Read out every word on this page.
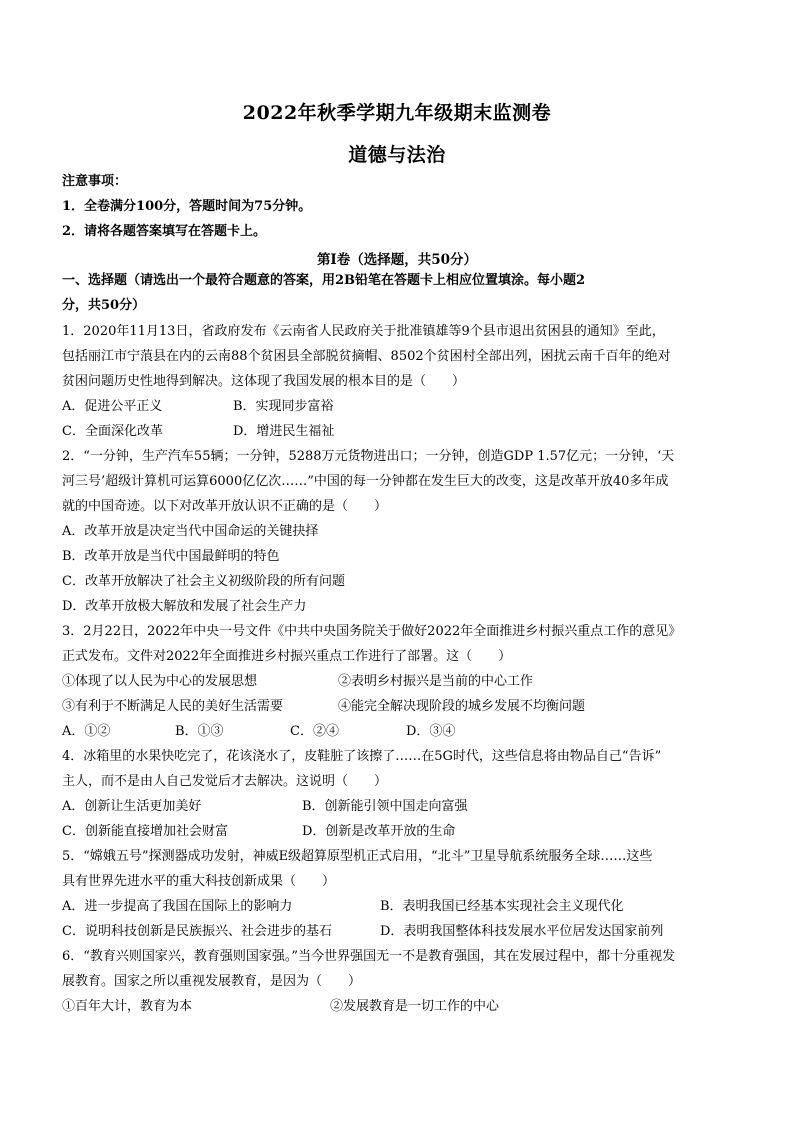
2022年秋季学期九年级期末监测卷
道德与法治
注意事项：
1．全卷满分100分，答题时间为75分钟。
2．请将各题答案填写在答题卡上。
第Ⅰ卷（选择题，共50分）
一、选择题（请选出一个最符合题意的答案，用2B铅笔在答题卡上相应位置填涂。每小题2
分，共50分）
1．2020年11月13日，省政府发布《云南省人民政府关于批准镇雄等9个县市退出贫困县的通知》至此，
包括丽江市宁蒗县在内的云南88个贫困县全部脱贫摘帽、8502个贫困村全部出列，困扰云南千百年的绝对
贫困问题历史性地得到解决。这体现了我国发展的根本目的是（　　）
A．促进公平正义	B．实现同步富裕
C．全面深化改革	D．增进民生福祉
2．“一分钟，生产汽车55辆；一分钟，5288万元货物进出口；一分钟，创造GDP 1.57亿元；一分钟，‘天
河三号’超级计算机可运算6000亿亿次……”中国的每一分钟都在发生巨大的改变，这是改革开放40多年成
就的中国奇迹。以下对改革开放认识不正确的是（　　）
A．改革开放是决定当代中国命运的关键抉择
B．改革开放是当代中国最鲜明的特色
C．改革开放解决了社会主义初级阶段的所有问题
D．改革开放极大解放和发展了社会生产力
3．2月22日，2022年中央一号文件《中共中央国务院关于做好2022年全面推进乡村振兴重点工作的意见》
正式发布。文件对2022年全面推进乡村振兴重点工作进行了部署。这（　　）
①体现了以人民为中心的发展思想	②表明乡村振兴是当前的中心工作
③有利于不断满足人民的美好生活需要	④能完全解决现阶段的城乡发展不均衡问题
A．①②	B．①③	C．②④	D．③④
4．冰箱里的水果快吃完了，花该浇水了，皮鞋脏了该擦了……在5G时代，这些信息将由物品自己“告诉”
主人，而不是由人自己发觉后才去解决。这说明（　　）
A．创新让生活更加美好	B．创新能引领中国走向富强
C．创新能直接增加社会财富	D．创新是改革开放的生命
5．“嫦娥五号”探测器成功发射，神威E级超算原型机正式启用，“北斗”卫星导航系统服务全球……这些
具有世界先进水平的重大科技创新成果（　　）
A．进一步提高了我国在国际上的影响力	B．表明我国已经基本实现社会主义现代化
C．说明科技创新是民族振兴、社会进步的基石	D．表明我国整体科技发展水平位居发达国家前列
6．“教育兴则国家兴，教育强则国家强。”当今世界强国无一不是教育强国，其在发展过程中，都十分重视发
展教育。国家之所以重视发展教育，是因为（　　）
①百年大计，教育为本	②发展教育是一切工作的中心
